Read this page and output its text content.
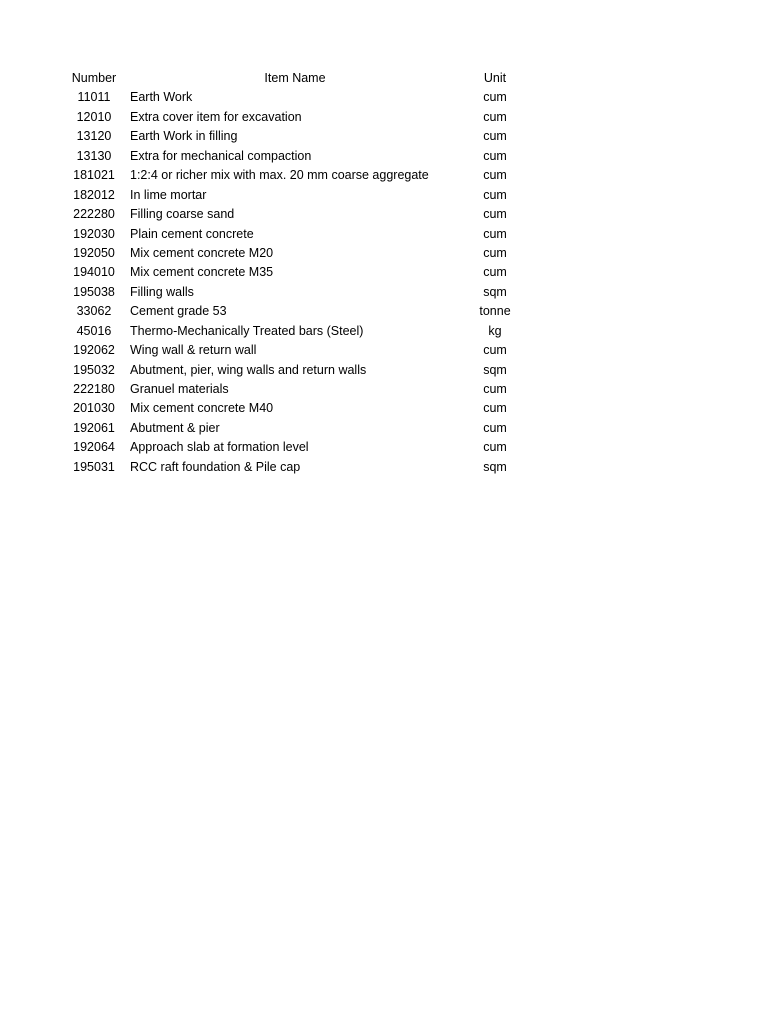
Number	Item Name	Unit
11011	Earth Work	cum
12010	Extra cover item for excavation	cum
13120	Earth Work in filling	cum
13130	Extra for mechanical compaction	cum
181021	1:2:4 or richer mix with max. 20 mm coarse aggregate	cum
182012	In lime mortar	cum
222280	Filling coarse sand	cum
192030	Plain cement concrete	cum
192050	Mix cement concrete M20	cum
194010	Mix cement concrete M35	cum
195038	Filling walls	sqm
33062	Cement grade 53	tonne
45016	Thermo-Mechanically Treated bars (Steel)	kg
192062	Wing wall & return wall	cum
195032	Abutment, pier, wing walls and return walls	sqm
222180	Granuel materials	cum
201030	Mix cement concrete M40	cum
192061	Abutment & pier	cum
192064	Approach slab at formation level	cum
195031	RCC raft foundation & Pile cap	sqm
